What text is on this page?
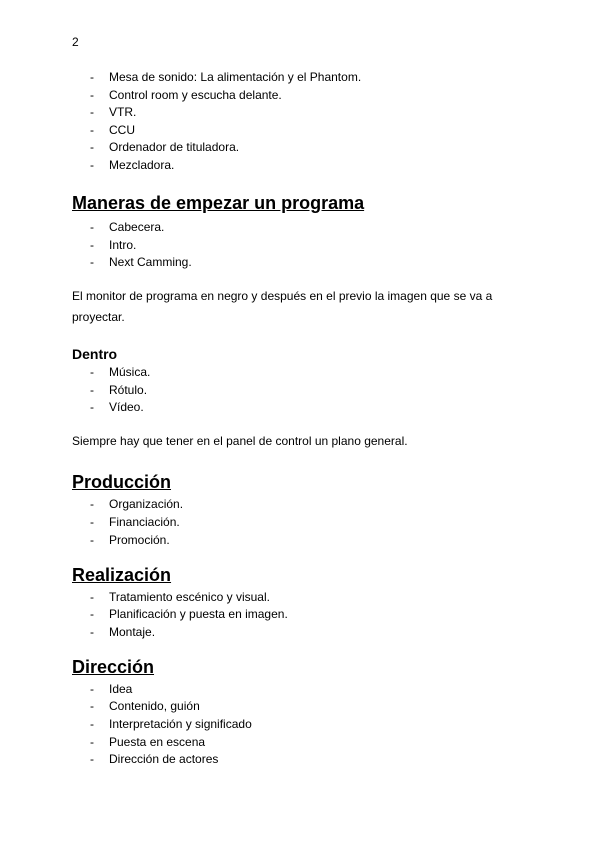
2
- Mesa de sonido: La alimentación y el Phantom.
- Control room y escucha delante.
- VTR.
- CCU
- Ordenador de tituladora.
- Mezcladora.
Maneras de empezar un programa
- Cabecera.
- Intro.
- Next Camming.

El monitor de programa en negro y después en el previo la imagen que se va a proyectar.

Dentro
- Música.
- Rótulo.
- Vídeo.

Siempre hay que tener en el panel de control un plano general.

Producción
- Organización.
- Financiación.
- Promoción.
Realización
- Tratamiento escénico y visual.
- Planificación y puesta en imagen.
- Montaje.
Dirección
- Idea
- Contenido, guión
- Interpretación y significado
- Puesta en escena
- Dirección de actores
